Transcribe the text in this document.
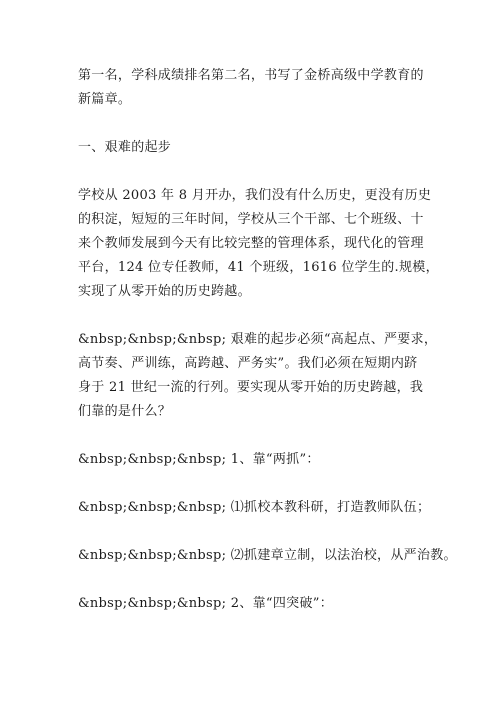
第一名，学科成绩排名第二名，书写了金桥高级中学教育的
新篇章。

一、艰难的起步

学校从 2003 年 8 月开办，我们没有什么历史，更没有历史
的积淀，短短的三年时间，学校从三个干部、七个班级、十
来个教师发展到今天有比较完整的管理体系，现代化的管理
平台，124 位专任教师，41 个班级，1616 位学生的.规模，
实现了从零开始的历史跨越。

&nbsp;&nbsp;&nbsp; 艰难的起步必须“高起点、严要求，
高节奏、严训练，高跨越、严务实”。我们必须在短期内跻
身于 21 世纪一流的行列。要实现从零开始的历史跨越，我
们靠的是什么？

&nbsp;&nbsp;&nbsp; 1、靠“两抓”：

&nbsp;&nbsp;&nbsp; ⑴抓校本教科研，打造教师队伍；

&nbsp;&nbsp;&nbsp; ⑵抓建章立制，以法治校，从严治教。

&nbsp;&nbsp;&nbsp; 2、靠“四突破”：
